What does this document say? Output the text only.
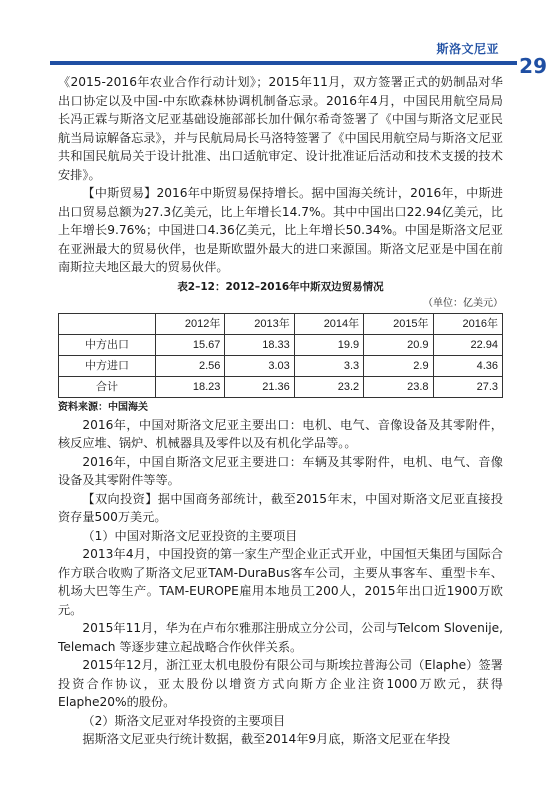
斯洛文尼亚
29

《2015-2016年农业合作行动计划》；2015年11月，双方签署正式的奶制品对华出口协定以及中国-中东欧森林协调机制备忘录。2016年4月，中国民用航空局局长冯正霖与斯洛文尼亚基础设施部部长加什佩尔希奇签署了《中国与斯洛文尼亚民航当局谅解备忘录》，并与民航局局长马洛特签署了《中国民用航空局与斯洛文尼亚共和国民航局关于设计批准、出口适航审定、设计批准证后活动和技术支援的技术安排》。

【中斯贸易】2016年中斯贸易保持增长。据中国海关统计，2016年，中斯进出口贸易总额为27.3亿美元，比上年增长14.7%。其中中国出口22.94亿美元，比上年增长9.76%；中国进口4.36亿美元，比上年增长50.34%。中国是斯洛文尼亚在亚洲最大的贸易伙伴，也是斯欧盟外最大的进口来源国。斯洛文尼亚是中国在前南斯拉夫地区最大的贸易伙伴。

表2–12：2012–2016年中斯双边贸易情况
（单位：亿美元）
	2012年	2013年	2014年	2015年	2016年
中方出口	15.67	18.33	19.9	20.9	22.94
中方进口	2.56	3.03	3.3	2.9	4.36
合计	18.23	21.36	23.2	23.8	27.3
资料来源：中国海关

2016年，中国对斯洛文尼亚主要出口：电机、电气、音像设备及其零附件，核反应堆、锅炉、机械器具及零件以及有机化学品等。。

2016年，中国自斯洛文尼亚主要进口：车辆及其零附件，电机、电气、音像设备及其零附件等等。

【双向投资】据中国商务部统计，截至2015年末，中国对斯洛文尼亚直接投资存量500万美元。

（1）中国对斯洛文尼亚投资的主要项目

2013年4月，中国投资的第一家生产型企业正式开业，中国恒天集团与国际合作方联合收购了斯洛文尼亚TAM-DuraBus客车公司，主要从事客车、重型卡车、机场大巴等生产。TAM-EUROPE雇用本地员工200人，2015年出口近1900万欧元。

2015年11月，华为在卢布尔雅那注册成立分公司，公司与Telcom Slovenije, Telemach 等逐步建立起战略合作伙伴关系。

2015年12月，浙江亚太机电股份有限公司与斯埃拉普海公司（Elaphe）签署投资合作协议，亚太股份以增资方式向斯方企业注资1000万欧元，获得Elaphe20%的股份。

（2）斯洛文尼亚对华投资的主要项目

据斯洛文尼亚央行统计数据，截至2014年9月底，斯洛文尼亚在华投
